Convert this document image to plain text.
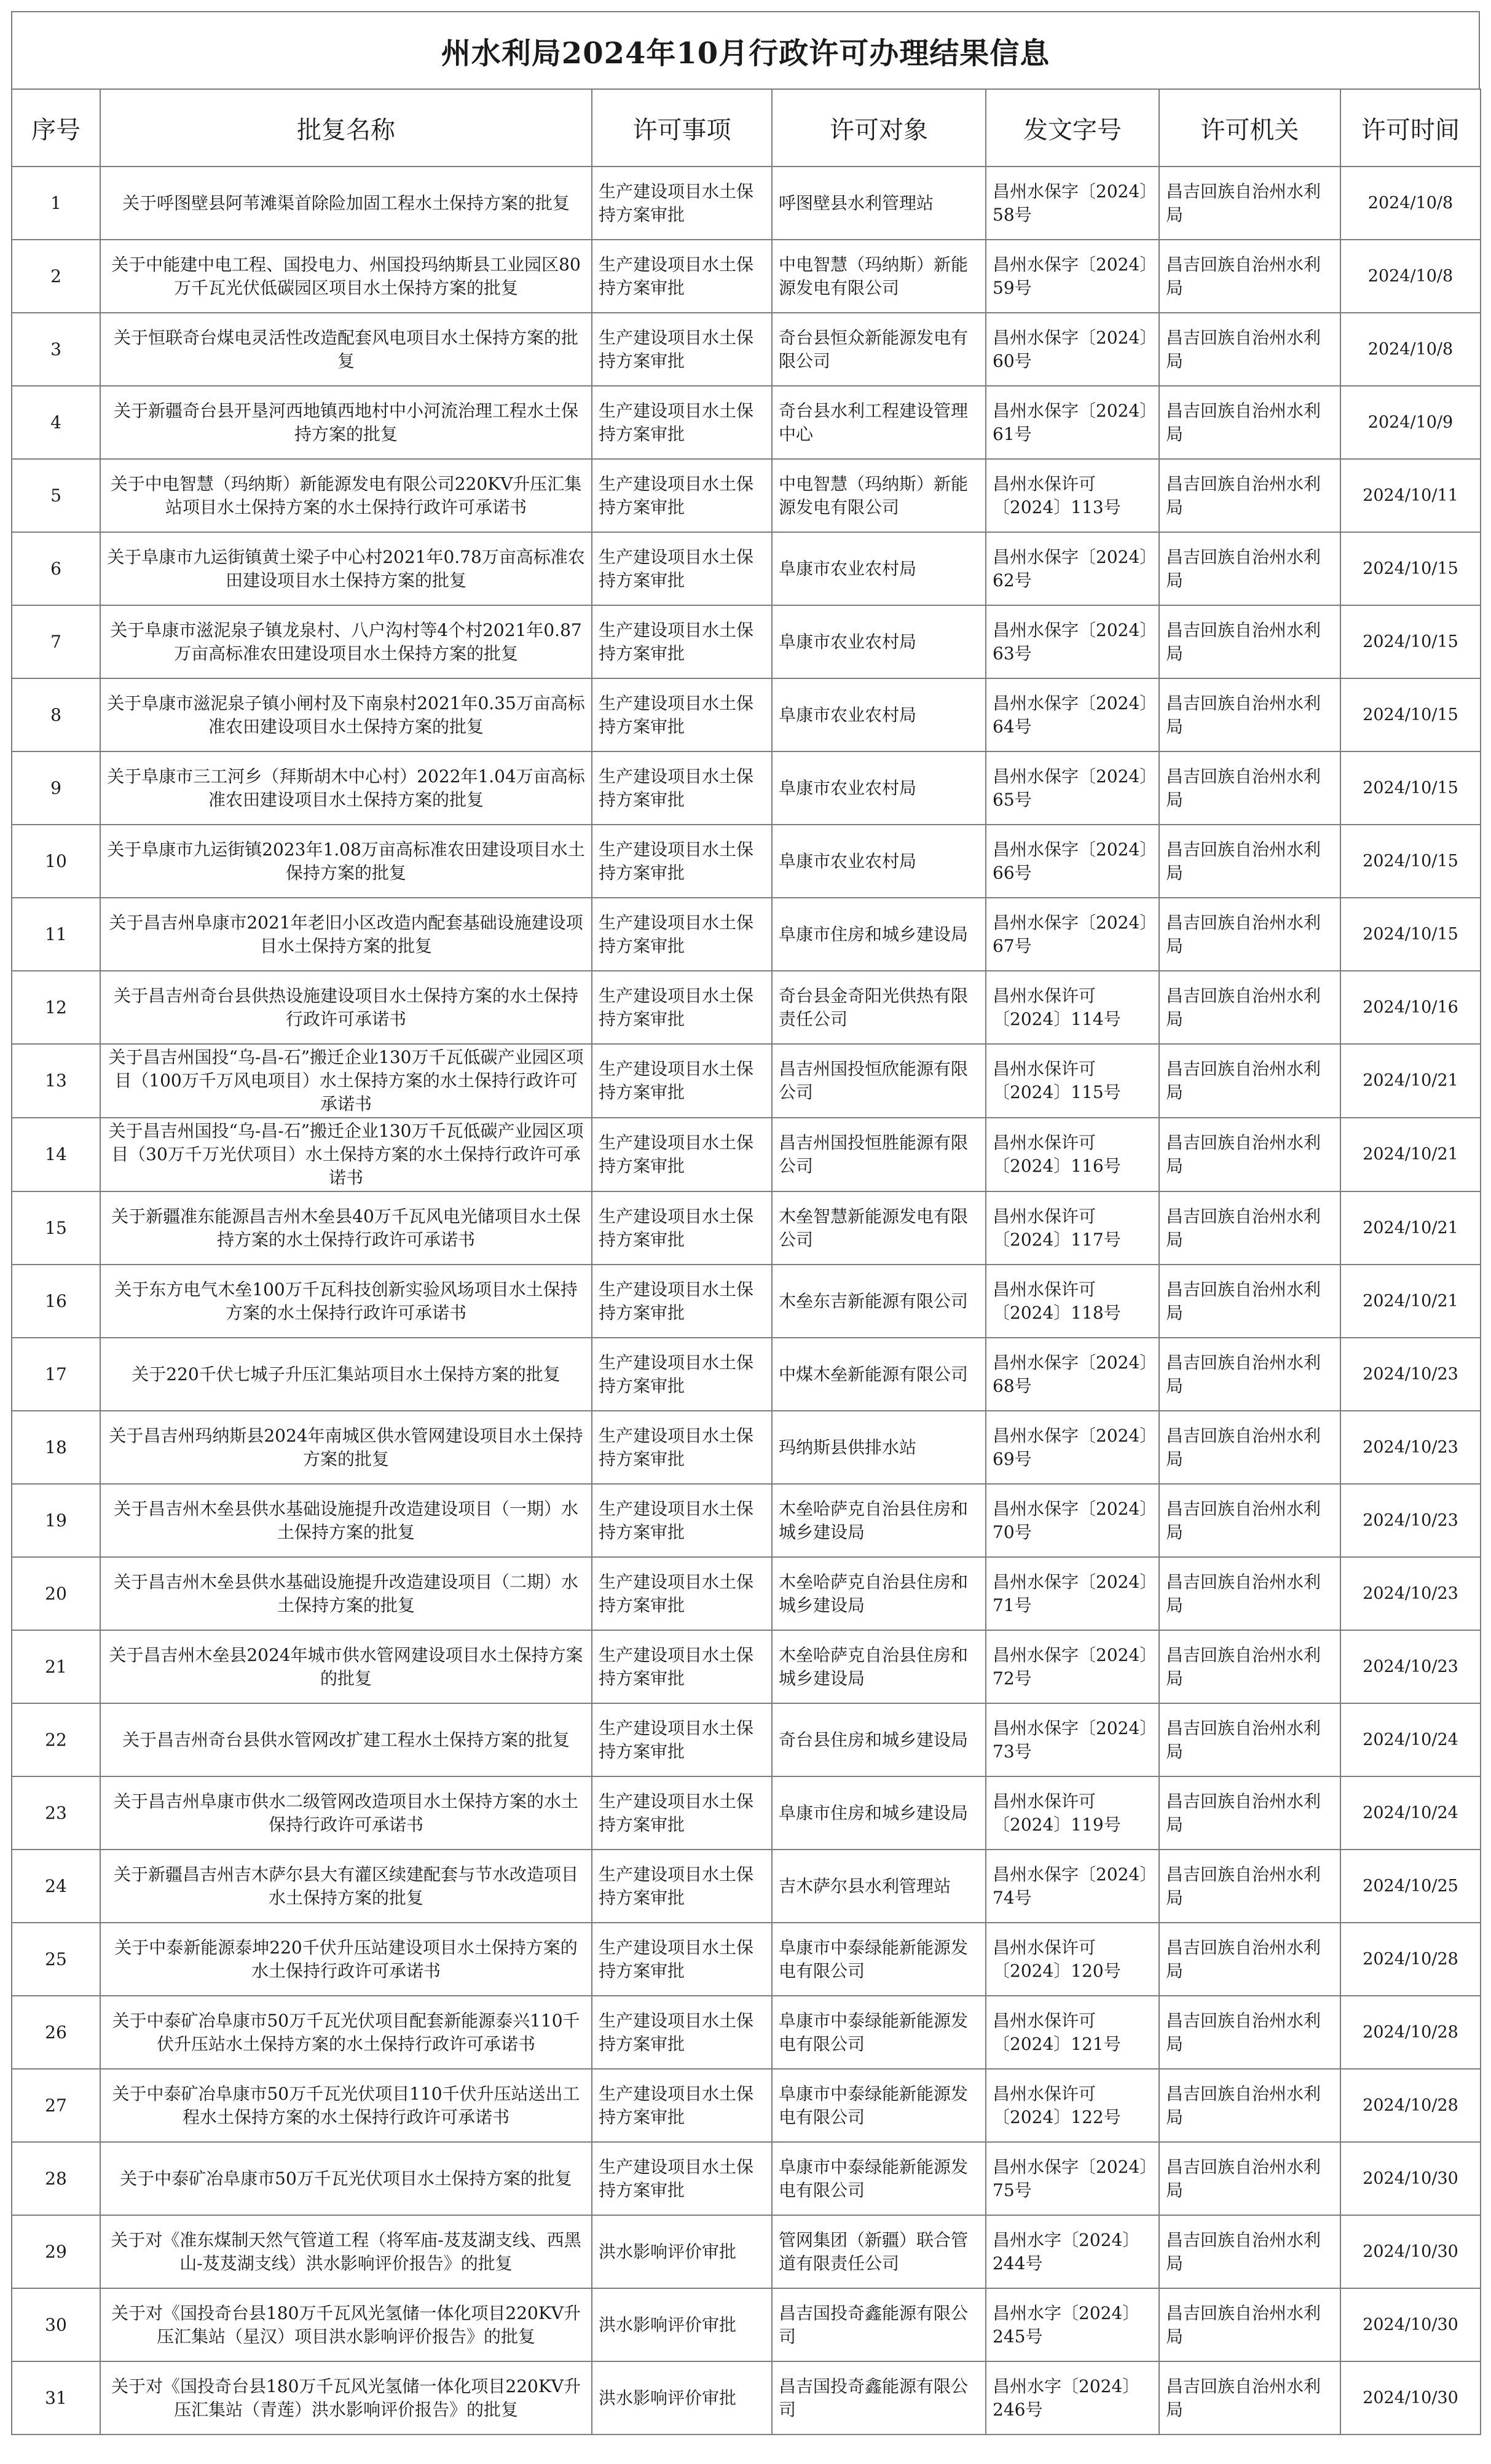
州水利局2024年10月行政许可办理结果信息
序号	批复名称	许可事项	许可对象	发文字号	许可机关	许可时间
1	关于呼图壁县阿苇滩渠首除险加固工程水土保持方案的批复	生产建设项目水土保持方案审批	呼图壁县水利管理站	昌州水保字〔2024〕58号	昌吉回族自治州水利局	2024/10/8
2	关于中能建中电工程、国投电力、州国投玛纳斯县工业园区80万千瓦光伏低碳园区项目水土保持方案的批复	生产建设项目水土保持方案审批	中电智慧（玛纳斯）新能源发电有限公司	昌州水保字〔2024〕59号	昌吉回族自治州水利局	2024/10/8
3	关于恒联奇台煤电灵活性改造配套风电项目水土保持方案的批复	生产建设项目水土保持方案审批	奇台县恒众新能源发电有限公司	昌州水保字〔2024〕60号	昌吉回族自治州水利局	2024/10/8
4	关于新疆奇台县开垦河西地镇西地村中小河流治理工程水土保持方案的批复	生产建设项目水土保持方案审批	奇台县水利工程建设管理中心	昌州水保字〔2024〕61号	昌吉回族自治州水利局	2024/10/9
5	关于中电智慧（玛纳斯）新能源发电有限公司220KV升压汇集站项目水土保持方案的水土保持行政许可承诺书	生产建设项目水土保持方案审批	中电智慧（玛纳斯）新能源发电有限公司	昌州水保许可〔2024〕113号	昌吉回族自治州水利局	2024/10/11
6	关于阜康市九运街镇黄土梁子中心村2021年0.78万亩高标准农田建设项目水土保持方案的批复	生产建设项目水土保持方案审批	阜康市农业农村局	昌州水保字〔2024〕62号	昌吉回族自治州水利局	2024/10/15
7	关于阜康市滋泥泉子镇龙泉村、八户沟村等4个村2021年0.87万亩高标准农田建设项目水土保持方案的批复	生产建设项目水土保持方案审批	阜康市农业农村局	昌州水保字〔2024〕63号	昌吉回族自治州水利局	2024/10/15
8	关于阜康市滋泥泉子镇小闸村及下南泉村2021年0.35万亩高标准农田建设项目水土保持方案的批复	生产建设项目水土保持方案审批	阜康市农业农村局	昌州水保字〔2024〕64号	昌吉回族自治州水利局	2024/10/15
9	关于阜康市三工河乡（拜斯胡木中心村）2022年1.04万亩高标准农田建设项目水土保持方案的批复	生产建设项目水土保持方案审批	阜康市农业农村局	昌州水保字〔2024〕65号	昌吉回族自治州水利局	2024/10/15
10	关于阜康市九运街镇2023年1.08万亩高标准农田建设项目水土保持方案的批复	生产建设项目水土保持方案审批	阜康市农业农村局	昌州水保字〔2024〕66号	昌吉回族自治州水利局	2024/10/15
11	关于昌吉州阜康市2021年老旧小区改造内配套基础设施建设项目水土保持方案的批复	生产建设项目水土保持方案审批	阜康市住房和城乡建设局	昌州水保字〔2024〕67号	昌吉回族自治州水利局	2024/10/15
12	关于昌吉州奇台县供热设施建设项目水土保持方案的水土保持行政许可承诺书	生产建设项目水土保持方案审批	奇台县金奇阳光供热有限责任公司	昌州水保许可〔2024〕114号	昌吉回族自治州水利局	2024/10/16
13	关于昌吉州国投“乌-昌-石”搬迁企业130万千瓦低碳产业园区项目（100万千万风电项目）水土保持方案的水土保持行政许可承诺书	生产建设项目水土保持方案审批	昌吉州国投恒欣能源有限公司	昌州水保许可〔2024〕115号	昌吉回族自治州水利局	2024/10/21
14	关于昌吉州国投“乌-昌-石”搬迁企业130万千瓦低碳产业园区项目（30万千万光伏项目）水土保持方案的水土保持行政许可承诺书	生产建设项目水土保持方案审批	昌吉州国投恒胜能源有限公司	昌州水保许可〔2024〕116号	昌吉回族自治州水利局	2024/10/21
15	关于新疆准东能源昌吉州木垒县40万千瓦风电光储项目水土保持方案的水土保持行政许可承诺书	生产建设项目水土保持方案审批	木垒智慧新能源发电有限公司	昌州水保许可〔2024〕117号	昌吉回族自治州水利局	2024/10/21
16	关于东方电气木垒100万千瓦科技创新实验风场项目水土保持方案的水土保持行政许可承诺书	生产建设项目水土保持方案审批	木垒东吉新能源有限公司	昌州水保许可〔2024〕118号	昌吉回族自治州水利局	2024/10/21
17	关于220千伏七城子升压汇集站项目水土保持方案的批复	生产建设项目水土保持方案审批	中煤木垒新能源有限公司	昌州水保字〔2024〕68号	昌吉回族自治州水利局	2024/10/23
18	关于昌吉州玛纳斯县2024年南城区供水管网建设项目水土保持方案的批复	生产建设项目水土保持方案审批	玛纳斯县供排水站	昌州水保字〔2024〕69号	昌吉回族自治州水利局	2024/10/23
19	关于昌吉州木垒县供水基础设施提升改造建设项目（一期）水土保持方案的批复	生产建设项目水土保持方案审批	木垒哈萨克自治县住房和城乡建设局	昌州水保字〔2024〕70号	昌吉回族自治州水利局	2024/10/23
20	关于昌吉州木垒县供水基础设施提升改造建设项目（二期）水土保持方案的批复	生产建设项目水土保持方案审批	木垒哈萨克自治县住房和城乡建设局	昌州水保字〔2024〕71号	昌吉回族自治州水利局	2024/10/23
21	关于昌吉州木垒县2024年城市供水管网建设项目水土保持方案的批复	生产建设项目水土保持方案审批	木垒哈萨克自治县住房和城乡建设局	昌州水保字〔2024〕72号	昌吉回族自治州水利局	2024/10/23
22	关于昌吉州奇台县供水管网改扩建工程水土保持方案的批复	生产建设项目水土保持方案审批	奇台县住房和城乡建设局	昌州水保字〔2024〕73号	昌吉回族自治州水利局	2024/10/24
23	关于昌吉州阜康市供水二级管网改造项目水土保持方案的水土保持行政许可承诺书	生产建设项目水土保持方案审批	阜康市住房和城乡建设局	昌州水保许可〔2024〕119号	昌吉回族自治州水利局	2024/10/24
24	关于新疆昌吉州吉木萨尔县大有灌区续建配套与节水改造项目水土保持方案的批复	生产建设项目水土保持方案审批	吉木萨尔县水利管理站	昌州水保字〔2024〕74号	昌吉回族自治州水利局	2024/10/25
25	关于中泰新能源泰坤220千伏升压站建设项目水土保持方案的水土保持行政许可承诺书	生产建设项目水土保持方案审批	阜康市中泰绿能新能源发电有限公司	昌州水保许可〔2024〕120号	昌吉回族自治州水利局	2024/10/28
26	关于中泰矿冶阜康市50万千瓦光伏项目配套新能源泰兴110千伏升压站水土保持方案的水土保持行政许可承诺书	生产建设项目水土保持方案审批	阜康市中泰绿能新能源发电有限公司	昌州水保许可〔2024〕121号	昌吉回族自治州水利局	2024/10/28
27	关于中泰矿冶阜康市50万千瓦光伏项目110千伏升压站送出工程水土保持方案的水土保持行政许可承诺书	生产建设项目水土保持方案审批	阜康市中泰绿能新能源发电有限公司	昌州水保许可〔2024〕122号	昌吉回族自治州水利局	2024/10/28
28	关于中泰矿冶阜康市50万千瓦光伏项目水土保持方案的批复	生产建设项目水土保持方案审批	阜康市中泰绿能新能源发电有限公司	昌州水保字〔2024〕75号	昌吉回族自治州水利局	2024/10/30
29	关于对《准东煤制天然气管道工程（将军庙-芨芨湖支线、西黑山-芨芨湖支线）洪水影响评价报告》的批复	洪水影响评价审批	管网集团（新疆）联合管道有限责任公司	昌州水字〔2024〕244号	昌吉回族自治州水利局	2024/10/30
30	关于对《国投奇台县180万千瓦风光氢储一体化项目220KV升压汇集站（星汉）项目洪水影响评价报告》的批复	洪水影响评价审批	昌吉国投奇鑫能源有限公司	昌州水字〔2024〕245号	昌吉回族自治州水利局	2024/10/30
31	关于对《国投奇台县180万千瓦风光氢储一体化项目220KV升压汇集站（青莲）洪水影响评价报告》的批复	洪水影响评价审批	昌吉国投奇鑫能源有限公司	昌州水字〔2024〕246号	昌吉回族自治州水利局	2024/10/30
